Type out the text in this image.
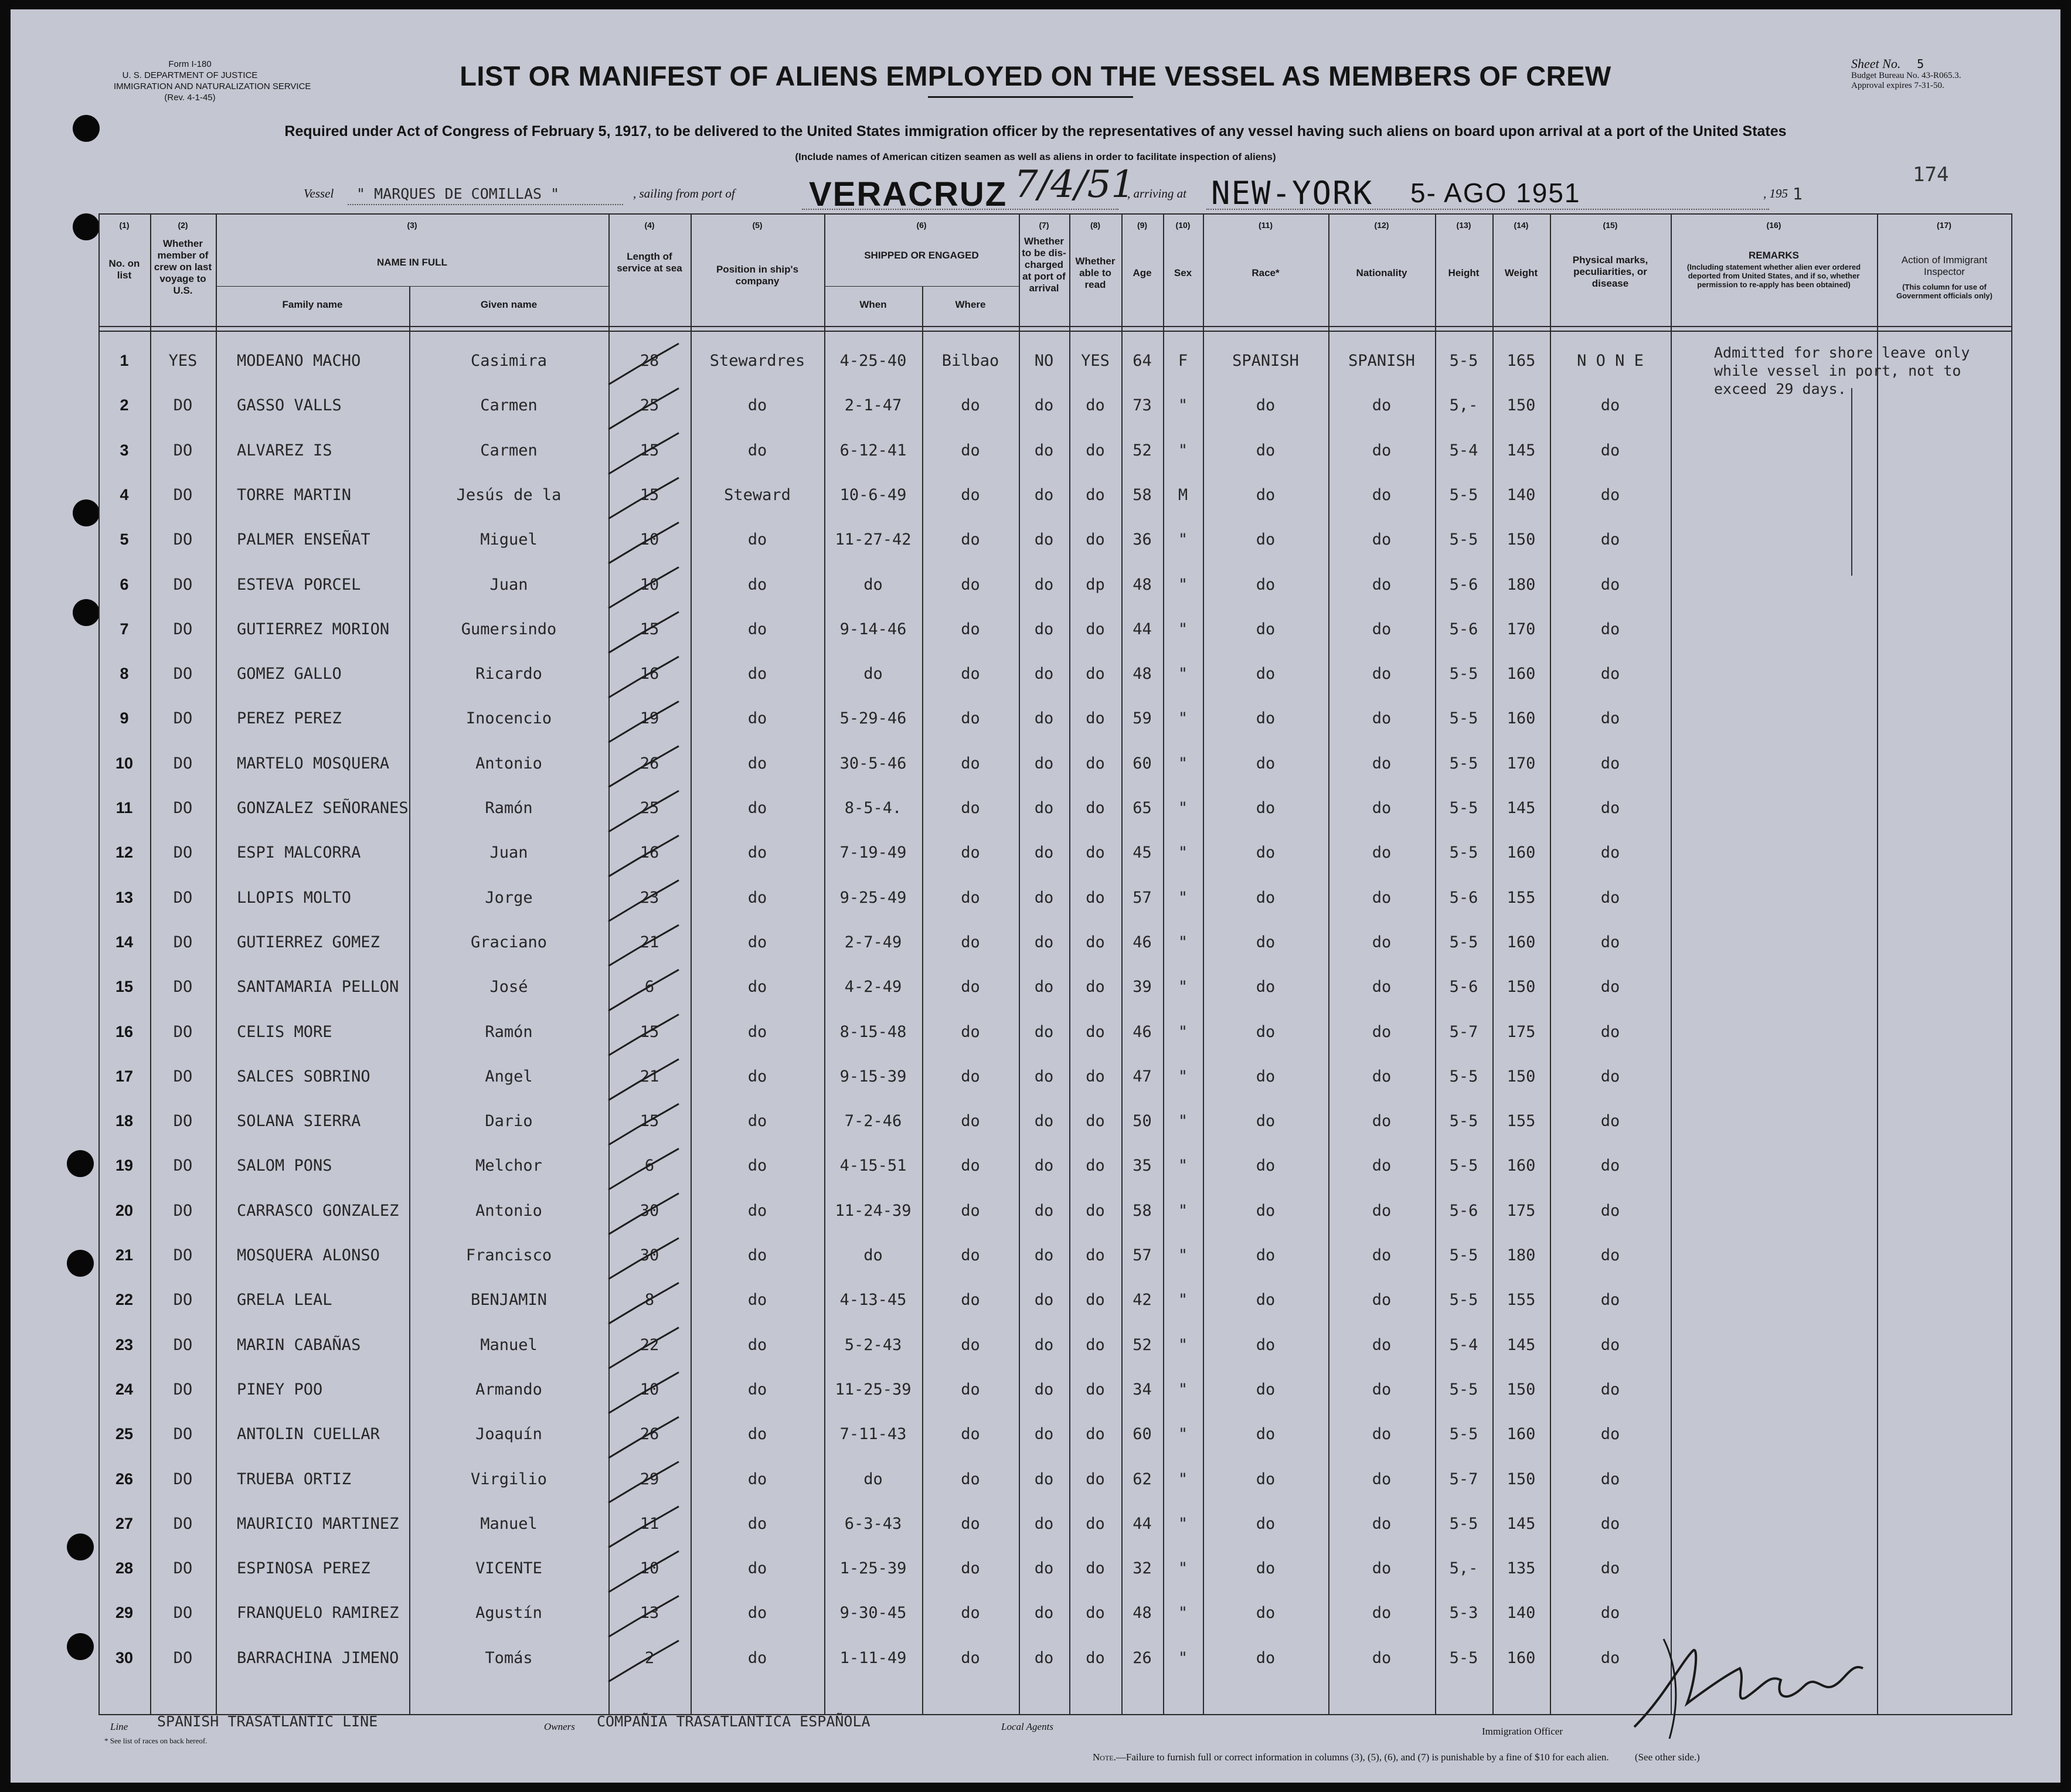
Form I-180
U. S. DEPARTMENT OF JUSTICE
IMMIGRATION AND NATURALIZATION SERVICE
(Rev. 4-1-45)
Sheet No. 5
Budget Bureau No. 43-R065.3.
Approval expires 7-31-50.
LIST OR MANIFEST OF ALIENS EMPLOYED ON THE VESSEL AS MEMBERS OF CREW
Required under Act of Congress of February 5, 1917, to be delivered to the United States immigration officer by the representatives of any vessel having such aliens on board upon arrival at a port of the United States
(Include names of American citizen seamen as well as aliens in order to facilitate inspection of aliens)
Vessel " MARQUES DE COMILLAS "	, sailing from port of VERACRUZ 7/4/51
, arriving at NEW-YORK 5- AGO 1951	, 195 1
174
(1)	(2)	(3)	(4)	(5)	(6)	(7)	(8)	(9)	(10)	(11)	(12)	(13)	(14)	(15)	(16)	(17)
No. on list
Whether member of crew on last voyage to U.S.
NAME IN FULL
Family name	Given name
Length of service at sea	Position in ship's company
SHIPPED OR ENGAGED
When	Where
Whether to be dis-charged at port of arrival
Whether able to read
Age	Sex	Race*	Nationality	Height	Weight
Physical marks, peculiarities, or disease
REMARKS
(Including statement whether alien ever ordered deported from United States, and if so, whether permission to re-apply has been obtained)
Action of Immigrant Inspector
(This column for use of Government officials only)
1	YES	MODEANO MACHO	Casimira	28	Stewardres	4-25-40	Bilbao	NO	YES	64	F	SPANISH	SPANISH	5-5	165	N O N E
2	DO	GASSO VALLS	Carmen	25	do	2-1-47	do	do	do	73	"	do	do	5,-	150	do
3	DO	ALVAREZ IS	Carmen	15	do	6-12-41	do	do	do	52	"	do	do	5-4	145	do
4	DO	TORRE MARTIN	Jesús de la	15	Steward	10-6-49	do	do	do	58	M	do	do	5-5	140	do
5	DO	PALMER ENSEÑAT	Miguel	10	do	11-27-42	do	do	do	36	"	do	do	5-5	150	do
6	DO	ESTEVA PORCEL	Juan	10	do	do	do	do	dp	48	"	do	do	5-6	180	do
7	DO	GUTIERREZ MORION	Gumersindo	15	do	9-14-46	do	do	do	44	"	do	do	5-6	170	do
8	DO	GOMEZ GALLO	Ricardo	16	do	do	do	do	do	48	"	do	do	5-5	160	do
9	DO	PEREZ PEREZ	Inocencio	19	do	5-29-46	do	do	do	59	"	do	do	5-5	160	do
10	DO	MARTELO MOSQUERA	Antonio	26	do	30-5-46	do	do	do	60	"	do	do	5-5	170	do
11	DO	GONZALEZ SEÑORANES	Ramón	25	do	8-5-4.	do	do	do	65	"	do	do	5-5	145	do
12	DO	ESPI MALCORRA	Juan	16	do	7-19-49	do	do	do	45	"	do	do	5-5	160	do
13	DO	LLOPIS MOLTO	Jorge	23	do	9-25-49	do	do	do	57	"	do	do	5-6	155	do
14	DO	GUTIERREZ GOMEZ	Graciano	21	do	2-7-49	do	do	do	46	"	do	do	5-5	160	do
15	DO	SANTAMARIA PELLON	José	6	do	4-2-49	do	do	do	39	"	do	do	5-6	150	do
16	DO	CELIS MORE	Ramón	15	do	8-15-48	do	do	do	46	"	do	do	5-7	175	do
17	DO	SALCES SOBRINO	Angel	21	do	9-15-39	do	do	do	47	"	do	do	5-5	150	do
18	DO	SOLANA SIERRA	Dario	15	do	7-2-46	do	do	do	50	"	do	do	5-5	155	do
19	DO	SALOM PONS	Melchor	6	do	4-15-51	do	do	do	35	"	do	do	5-5	160	do
20	DO	CARRASCO GONZALEZ	Antonio	30	do	11-24-39	do	do	do	58	"	do	do	5-6	175	do
21	DO	MOSQUERA ALONSO	Francisco	30	do	do	do	do	do	57	"	do	do	5-5	180	do
22	DO	GRELA LEAL	BENJAMIN	8	do	4-13-45	do	do	do	42	"	do	do	5-5	155	do
23	DO	MARIN CABAÑAS	Manuel	22	do	5-2-43	do	do	do	52	"	do	do	5-4	145	do
24	DO	PINEY POO	Armando	10	do	11-25-39	do	do	do	34	"	do	do	5-5	150	do
25	DO	ANTOLIN CUELLAR	Joaquín	26	do	7-11-43	do	do	do	60	"	do	do	5-5	160	do
26	DO	TRUEBA ORTIZ	Virgilio	29	do	do	do	do	do	62	"	do	do	5-7	150	do
27	DO	MAURICIO MARTINEZ	Manuel	11	do	6-3-43	do	do	do	44	"	do	do	5-5	145	do
28	DO	ESPINOSA PEREZ	VICENTE	10	do	1-25-39	do	do	do	32	"	do	do	5,-	135	do
29	DO	FRANQUELO RAMIREZ	Agustín	13	do	9-30-45	do	do	do	48	"	do	do	5-3	140	do
30	DO	BARRACHINA JIMENO	Tomás	2	do	1-11-49	do	do	do	26	"	do	do	5-5	160	do
Admitted for shore leave only while vessel in port, not to exceed 29 days.
Line SPANISH TRASATLANTIC LINE	Owners COMPAÑIA TRASATLANTICA ESPAÑOLA	Local Agents	Immigration Officer
* See list of races on back hereof.
Note.—Failure to furnish full or correct information in columns (3), (5), (6), and (7) is punishable by a fine of $10 for each alien.	(See other side.)
